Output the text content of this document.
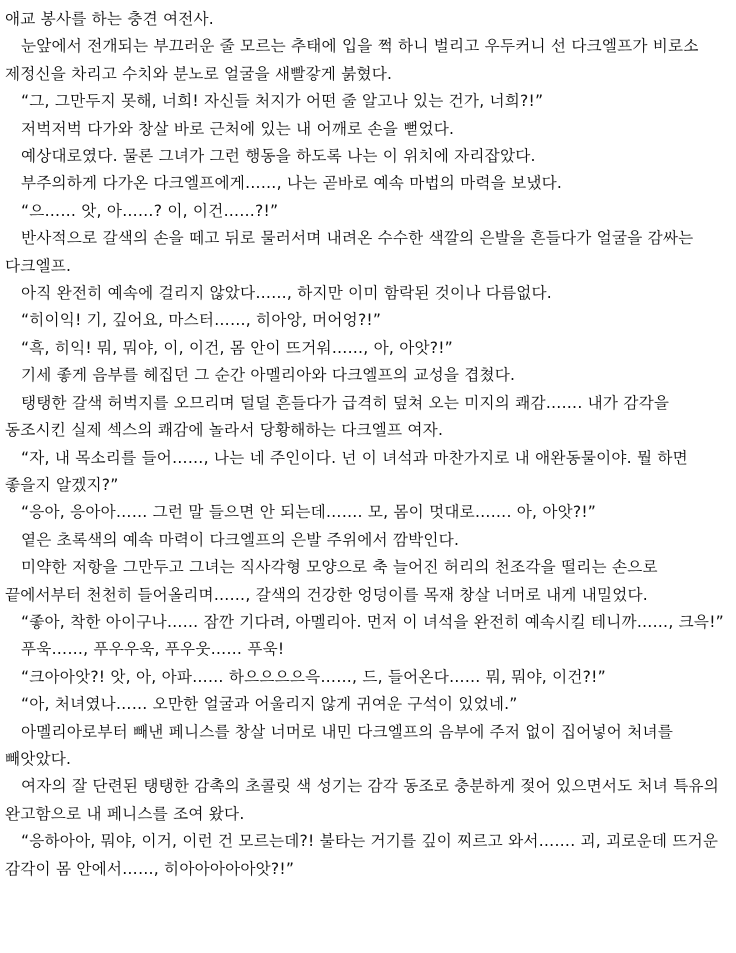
애교 봉사를 하는 충견 여전사.

눈앞에서 전개되는 부끄러운 줄 모르는 추태에 입을 쩍 하니 벌리고 우두커니 선 다크엘프가 비로소 제정신을 차리고 수치와 분노로 얼굴을 새빨갛게 붉혔다.

“그, 그만두지 못해, 너희! 자신들 처지가 어떤 줄 알고나 있는 건가, 너희?!”

저벅저벅 다가와 창살 바로 근처에 있는 내 어깨로 손을 뻗었다.

예상대로였다. 물론 그녀가 그런 행동을 하도록 나는 이 위치에 자리잡았다.

부주의하게 다가온 다크엘프에게……, 나는 곧바로 예속 마법의 마력을 보냈다.

“으…… 앗, 아……? 이, 이건……?!”

반사적으로 갈색의 손을 떼고 뒤로 물러서며 내려온 수수한 색깔의 은발을 흔들다가 얼굴을 감싸는 다크엘프.

아직 완전히 예속에 걸리지 않았다……, 하지만 이미 함락된 것이나 다름없다.

“히이익! 기, 깊어요, 마스터……, 히아앙, 머어엉?!”

“흑, 히익! 뭐, 뭐야, 이, 이건, 몸 안이 뜨거워……, 아, 아앗?!”

기세 좋게 음부를 헤집던 그 순간 아멜리아와 다크엘프의 교성을 겹쳤다.

탱탱한 갈색 허벅지를 오므리며 덜덜 흔들다가 급격히 덮쳐 오는 미지의 쾌감……. 내가 감각을 동조시킨 실제 섹스의 쾌감에 놀라서 당황해하는 다크엘프 여자.

“자, 내 목소리를 들어……, 나는 네 주인이다. 넌 이 녀석과 마찬가지로 내 애완동물이야. 뭘 하면 좋을지 알겠지?”

“응아, 응아아…… 그런 말 들으면 안 되는데……. 모, 몸이 멋대로……. 아, 아앗?!”

옅은 초록색의 예속 마력이 다크엘프의 은발 주위에서 깜박인다.

미약한 저항을 그만두고 그녀는 직사각형 모양으로 축 늘어진 허리의 천조각을 떨리는 손으로 끝에서부터 천천히 들어올리며……, 갈색의 건강한 엉덩이를 목재 창살 너머로 내게 내밀었다.

“좋아, 착한 아이구나…… 잠깐 기다려, 아멜리아. 먼저 이 녀석을 완전히 예속시킬 테니까……, 크윽!”

푸욱……, 푸우우욱, 푸우웃…… 푸욱!

“크아아앗?! 앗, 아, 아파…… 하으으으으윽……, 드, 들어온다…… 뭐, 뭐야, 이건?!”

“아, 처녀였나…… 오만한 얼굴과 어울리지 않게 귀여운 구석이 있었네.”

아멜리아로부터 빼낸 페니스를 창살 너머로 내민 다크엘프의 음부에 주저 없이 집어넣어 처녀를 빼앗았다.

여자의 잘 단련된 탱탱한 감촉의 초콜릿 색 성기는 감각 동조로 충분하게 젖어 있으면서도 처녀 특유의 완고함으로 내 페니스를 조여 왔다.

“응하아아, 뭐야, 이거, 이런 건 모르는데?! 불타는 거기를 깊이 찌르고 와서……. 괴, 괴로운데 뜨거운 감각이 몸 안에서……, 히아아아아아앗?!”
